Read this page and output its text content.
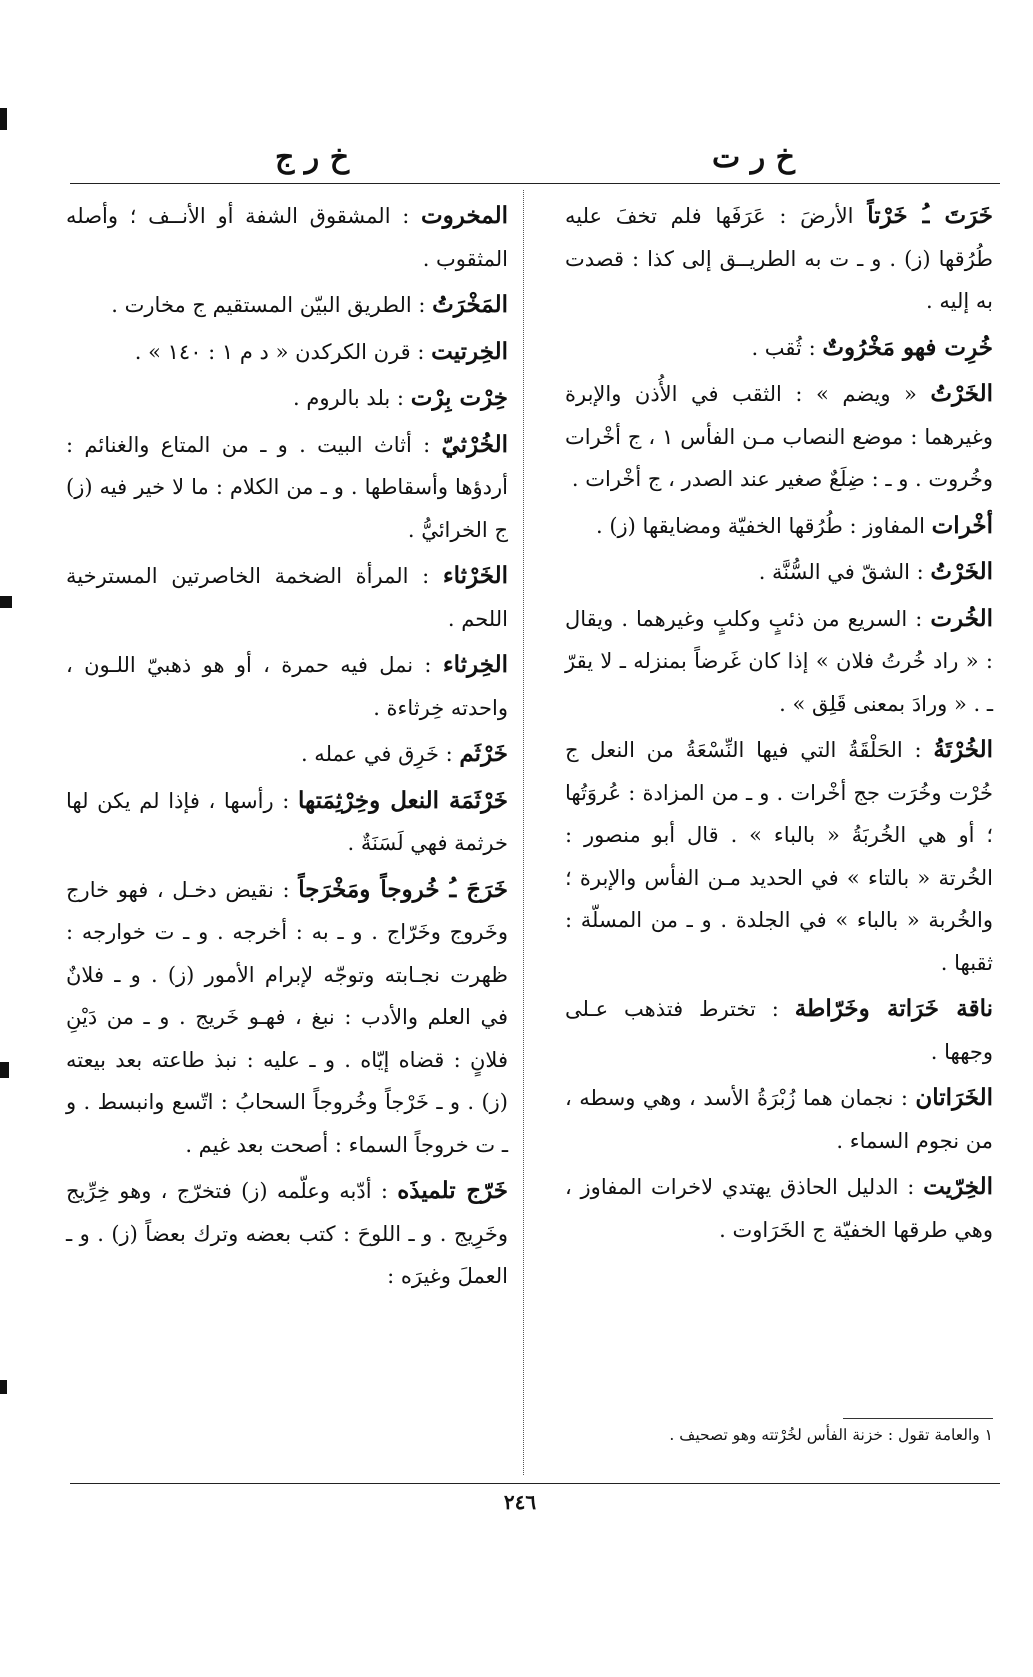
خ ر ت
خ ر ج
خَرَتَ ـُ خَرْتاً الأرضَ : عَرَفَها فلم تخفَ عليه طُرُقها (ز) . و ـ ت به الطريــق إلى كذا : قصدت به إليه .
خُرِت فهو مَخْرُوتٌ : ثُقب .
الخَرْتُ « ويضم » : الثقب في الأُذن والإبرة وغيرهما : موضع النصاب مـن الفأس ١ ، ج أخْرات وخُروت . و ـ : ضِلَعٌ صغير عند الصدر ، ج أخْرات .
أخْرات المفاوز : طُرُقها الخفيّة ومضايقها (ز) .
الخَرْتُ : الشقّ في السُّنَّة .
الخُرت : السريع من ذئبٍ وكلبٍ وغيرهما . ويقال : « راد خُرتُ فلان » إذا كان غَرضاً بمنزله ـ لا يقرّ ـ . « ورادَ بمعنى قَلِق » .
الخُرْتَةُ : الحَلْقَةُ التي فيها النِّسْعَةُ من النعل ج خُرْت وخُرَت جج أخْرات . و ـ من المزادة : عُروَتُها ؛ أو هي الخُربَةُ « بالباء » . قال أبو منصور : الخُرتة « بالتاء » في الحديد مـن الفأس والإبرة ؛ والخُربة « بالباء » في الجلدة . و ـ من المسلّة : ثقبها .
ناقة خَرَاتة وخَرّاطة : تخترط فتذهب عـلى وجهها .
الخَرَاتان : نجمان هما زُبْرَةُ الأسد ، وهي وسطه ، من نجوم السماء .
الخِرّيت : الدليل الحاذق يهتدي لاخرات المفاوز ، وهي طرقها الخفيّة ج الخَرَاوت .
المخروت : المشقوق الشفة أو الأنــف ؛ وأصله المثقوب .
المَخْرَتُ : الطريق البيّن المستقيم ج مخارت .
الخِرتيت : قرن الكركدن « د م ١ : ١٤٠ » .
خِرْت بِرْت : بلد بالروم .
الخُرْثيّ : أثاث البيت . و ـ من المتاع والغنائم : أردؤها وأسقاطها . و ـ من الكلام : ما لا خير فيه (ز) ج الخرائيُّ .
الخَرْثاء : المرأة الضخمة الخاصرتين المسترخية اللحم .
الخِرثاء : نمل فيه حمرة ، أو هو ذهبيّ اللـون ، واحدته خِرثاءة .
خَرْثَم : خَرِق في عمله .
خَرْثَمَة النعل وخِرْثِمَتها : رأسها ، فإذا لم يكن لها خرثمة فهي لَسَنَةٌ .
خَرَجَ ـُ خُروجاً ومَخْرَجاً : نقيض دخـل ، فهو خارج وخَروج وخَرّاج . و ـ به : أخرجه . و ـ ت خوارجه : ظهرت نجـابته وتوجّه لإبرام الأمور (ز) . و ـ فلانٌ في العلم والأدب : نبغ ، فهـو خَريج . و ـ من دَيْنِ فلانٍ : قضاه إيّاه . و ـ عليه : نبذ طاعته بعد بيعته (ز) . و ـ خَرْجاً وخُروجاً السحابُ : اتّسع وانبسط . و ـ ت خروجاً السماء : أصحت بعد غيم .
خَرّج تلميذَه : أدّبه وعلّمه (ز) فتخرّج ، وهو خِرِّيج وخَرِيج . و ـ اللوحَ : كتب بعضه وترك بعضاً (ز) . و ـ العملَ وغيرَه :
١ والعامة تقول : خزنة الفأس لخُرْتته وهو تصحيف .
٢٤٦
